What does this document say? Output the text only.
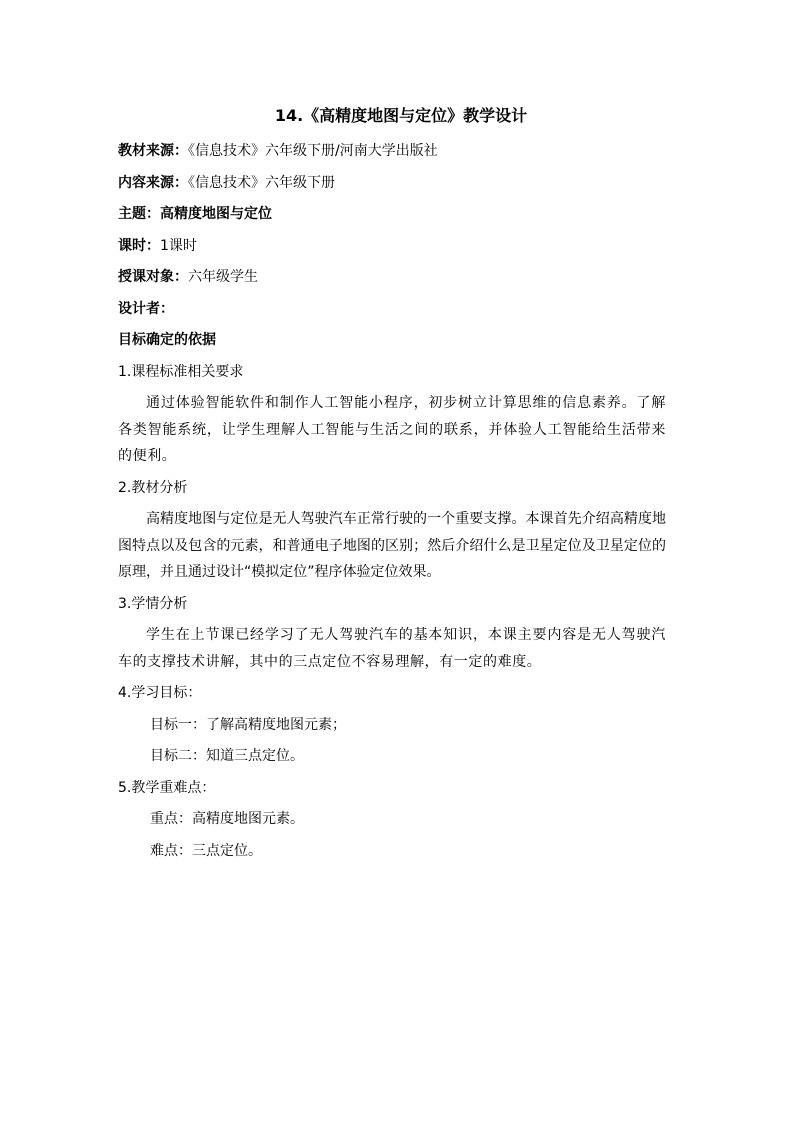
14.《高精度地图与定位》教学设计
教材来源：《信息技术》六年级下册/河南大学出版社
内容来源：《信息技术》六年级下册
主题：高精度地图与定位
课时：1课时
授课对象：六年级学生
设计者：
目标确定的依据
1.课程标准相关要求
通过体验智能软件和制作人工智能小程序，初步树立计算思维的信息素养。了解各类智能系统，让学生理解人工智能与生活之间的联系，并体验人工智能给生活带来的便利。
2.教材分析
高精度地图与定位是无人驾驶汽车正常行驶的一个重要支撑。本课首先介绍高精度地图特点以及包含的元素，和普通电子地图的区别；然后介绍什么是卫星定位及卫星定位的原理，并且通过设计“模拟定位”程序体验定位效果。
3.学情分析
学生在上节课已经学习了无人驾驶汽车的基本知识，本课主要内容是无人驾驶汽车的支撑技术讲解，其中的三点定位不容易理解，有一定的难度。
4.学习目标：
目标一：了解高精度地图元素；
目标二：知道三点定位。
5.教学重难点：
重点：高精度地图元素。
难点：三点定位。
